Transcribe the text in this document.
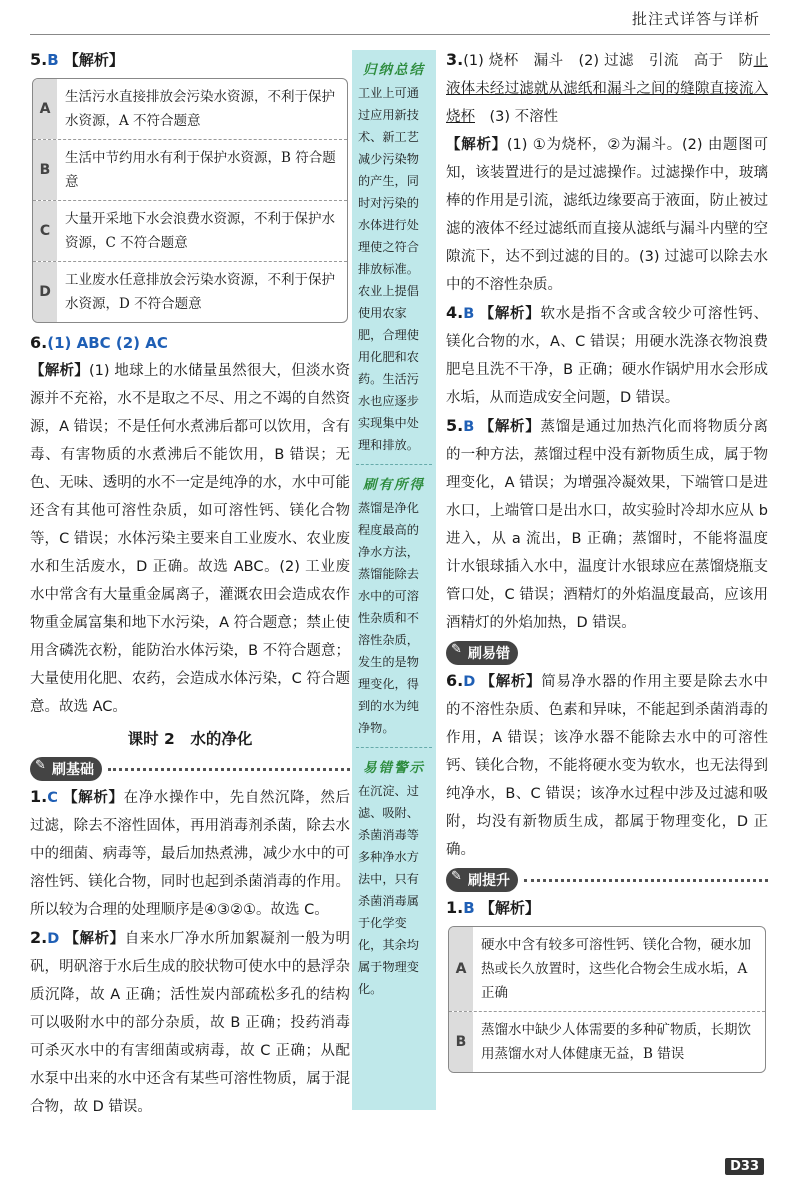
批注式详答与详析
5.B 【解析】
A
生活污水直接排放会污染水资源，不利于保护水资源，A 不符合题意
B
生活中节约用水有利于保护水资源，B 符合题意
C
大量开采地下水会浪费水资源，不利于保护水资源，C 不符合题意
D
工业废水任意排放会污染水资源，不利于保护水资源，D 不符合题意
6.(1) ABC (2) AC
【解析】(1) 地球上的水储量虽然很大，但淡水资源并不充裕，水不是取之不尽、用之不竭的自然资源，A 错误；不是任何水煮沸后都可以饮用，含有毒、有害物质的水煮沸后不能饮用，B 错误；无色、无味、透明的水不一定是纯净的水，水中可能还含有其他可溶性杂质，如可溶性钙、镁化合物等，C 错误；水体污染主要来自工业废水、农业废水和生活废水，D 正确。故选 ABC。(2) 工业废水中常含有大量重金属离子，灌溉农田会造成农作物重金属富集和地下水污染，A 符合题意；禁止使用含磷洗衣粉，能防治水体污染，B 不符合题意；大量使用化肥、农药，会造成水体污染，C 符合题意。故选 AC。
课时 2　水的净化
✎ 刷基础
1.C 【解析】在净水操作中，先自然沉降，然后过滤，除去不溶性固体，再用消毒剂杀菌，除去水中的细菌、病毒等，最后加热煮沸，减少水中的可溶性钙、镁化合物，同时也起到杀菌消毒的作用。所以较为合理的处理顺序是④③②①。故选 C。
2.D 【解析】自来水厂净水所加絮凝剂一般为明矾，明矾溶于水后生成的胶状物可使水中的悬浮杂质沉降，故 A 正确；活性炭内部疏松多孔的结构可以吸附水中的部分杂质，故 B 正确；投药消毒可杀灭水中的有害细菌或病毒，故 C 正确；从配水泵中出来的水中还含有某些可溶性物质，属于混合物，故 D 错误。
归纳总结
工业上可通过应用新技术、新工艺减少污染物的产生，同时对污染的水体进行处理使之符合排放标准。农业上提倡使用农家肥，合理使用化肥和农药。生活污水也应逐步实现集中处理和排放。
刷有所得
蒸馏是净化程度最高的净水方法，蒸馏能除去水中的可溶性杂质和不溶性杂质，发生的是物理变化，得到的水为纯净物。
易错警示
在沉淀、过滤、吸附、杀菌消毒等多种净水方法中，只有杀菌消毒属于化学变化，其余均属于物理变化。
3.(1) 烧杯　漏斗　(2) 过滤　引流　高于　防止液体未经过滤就从滤纸和漏斗之间的缝隙直接流入烧杯　(3) 不溶性
【解析】(1) ①为烧杯，②为漏斗。(2) 由题图可知，该装置进行的是过滤操作。过滤操作中，玻璃棒的作用是引流，滤纸边缘要高于液面，防止被过滤的液体不经过滤纸而直接从滤纸与漏斗内壁的空隙流下，达不到过滤的目的。(3) 过滤可以除去水中的不溶性杂质。
4.B 【解析】软水是指不含或含较少可溶性钙、镁化合物的水，A、C 错误；用硬水洗涤衣物浪费肥皂且洗不干净，B 正确；硬水作锅炉用水会形成水垢，从而造成安全问题，D 错误。
5.B 【解析】蒸馏是通过加热汽化而将物质分离的一种方法，蒸馏过程中没有新物质生成，属于物理变化，A 错误；为增强冷凝效果，下端管口是进水口，上端管口是出水口，故实验时冷却水应从 b 进入，从 a 流出，B 正确；蒸馏时，不能将温度计水银球插入水中，温度计水银球应在蒸馏烧瓶支管口处，C 错误；酒精灯的外焰温度最高，应该用酒精灯的外焰加热，D 错误。
✎ 刷易错
6.D 【解析】简易净水器的作用主要是除去水中的不溶性杂质、色素和异味，不能起到杀菌消毒的作用，A 错误；该净水器不能除去水中的可溶性钙、镁化合物，不能将硬水变为软水，也无法得到纯净水，B、C 错误；该净水过程中涉及过滤和吸附，均没有新物质生成，都属于物理变化，D 正确。
✎ 刷提升
1.B 【解析】
A
硬水中含有较多可溶性钙、镁化合物，硬水加热或长久放置时，这些化合物会生成水垢，A 正确
B
蒸馏水中缺少人体需要的多种矿物质，长期饮用蒸馏水对人体健康无益，B 错误
D33
